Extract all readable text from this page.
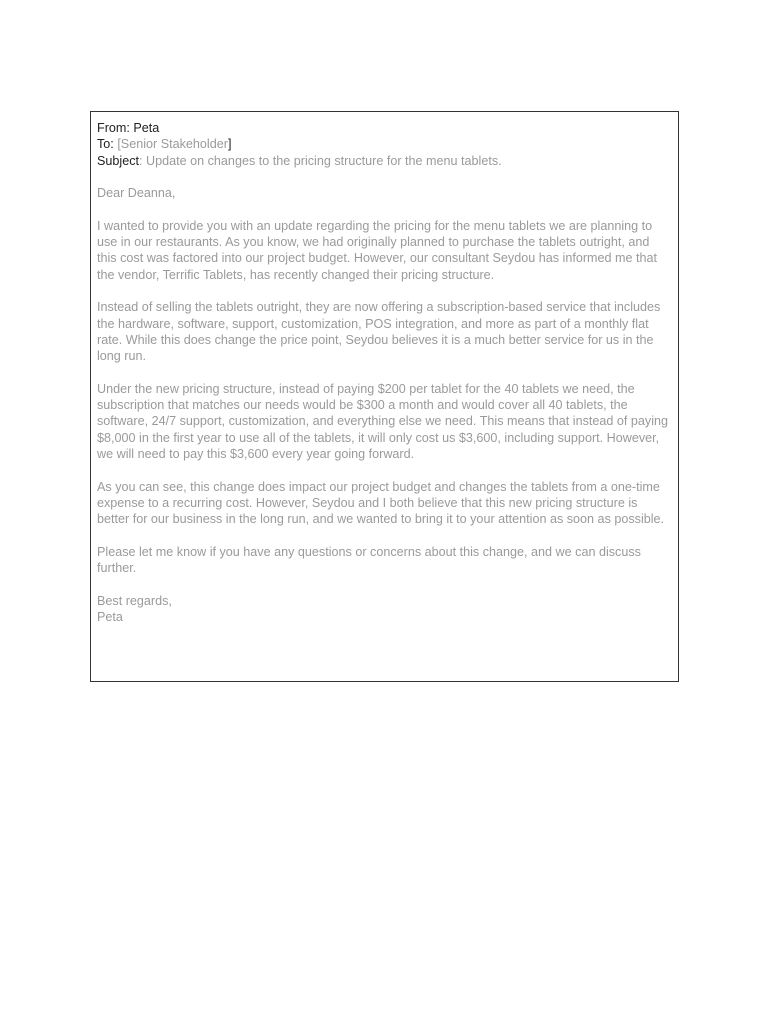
From: Peta
To: [Senior Stakeholder]
Subject: Update on changes to the pricing structure for the menu tablets.

Dear Deanna,

I wanted to provide you with an update regarding the pricing for the menu tablets we are planning to use in our restaurants. As you know, we had originally planned to purchase the tablets outright, and this cost was factored into our project budget. However, our consultant Seydou has informed me that the vendor, Terrific Tablets, has recently changed their pricing structure.

Instead of selling the tablets outright, they are now offering a subscription-based service that includes the hardware, software, support, customization, POS integration, and more as part of a monthly flat rate. While this does change the price point, Seydou believes it is a much better service for us in the long run.

Under the new pricing structure, instead of paying $200 per tablet for the 40 tablets we need, the subscription that matches our needs would be $300 a month and would cover all 40 tablets, the software, 24/7 support, customization, and everything else we need. This means that instead of paying $8,000 in the first year to use all of the tablets, it will only cost us $3,600, including support. However, we will need to pay this $3,600 every year going forward.

As you can see, this change does impact our project budget and changes the tablets from a one-time expense to a recurring cost. However, Seydou and I both believe that this new pricing structure is better for our business in the long run, and we wanted to bring it to your attention as soon as possible.

Please let me know if you have any questions or concerns about this change, and we can discuss further.

Best regards,

Peta
